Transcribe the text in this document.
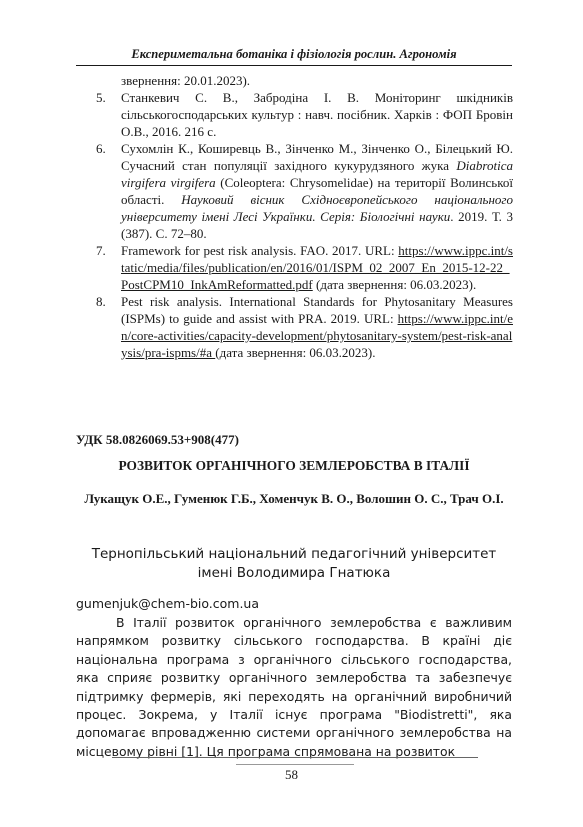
Експериметальна ботаніка і фізіологія рослин. Агрономія
звернення: 20.01.2023).
5. Станкевич С. В., Забродіна І. В. Моніторинг шкідників сільськогосподарських культур : навч. посібник. Харків : ФОП Бровін О.В., 2016. 216 с.
6. Сухомлін К., Коширевць В., Зінченко М., Зінченко О., Білецький Ю. Сучасний стан популяції західного кукурудзяного жука Diabrotica virgifera virgifera (Coleoptera: Chrysomelidae) на території Волинської області. Науковий вісник Східноєвропейського національного університету імені Лесі Українки. Серія: Біологічні науки. 2019. Т. 3 (387). С. 72–80.
7. Framework for pest risk analysis. FAO. 2017. URL: https://www.ippc.int/static/media/files/publication/en/2016/01/ISPM_02_2007_En_2015-12-22_PostCPM10_InkAmReformatted.pdf (дата звернення: 06.03.2023).
8. Pest risk analysis. International Standards for Phytosanitary Measures (ISPMs) to guide and assist with PRA. 2019. URL: https://www.ippc.int/en/core-activities/capacity-development/phytosanitary-system/pest-risk-analysis/pra-ispms/#a (дата звернення: 06.03.2023).
УДК 58.0826069.53+908(477)
РОЗВИТОК ОРГАНІЧНОГО ЗЕМЛЕРОБСТВА В ІТАЛІЇ
Лукащук О.Е., Гуменюк Г.Б., Хоменчук В. О., Волошин О. С., Трач О.І.
Тернопільський національний педагогічний університет імені Володимира Гнатюка
gumenjuk@chem-bio.com.ua
В Італії розвиток органічного землеробства є важливим напрямком розвитку сільського господарства. В країні діє національна програма з органічного сільського господарства, яка сприяє розвитку органічного землеробства та забезпечує підтримку фермерів, які переходять на органічний виробничий процес. Зокрема, у Італії існує програма "Biodistretti", яка допомагає впровадженню системи органічного землеробства на місцевому рівні [1]. Ця програма спрямована на розвиток
58
